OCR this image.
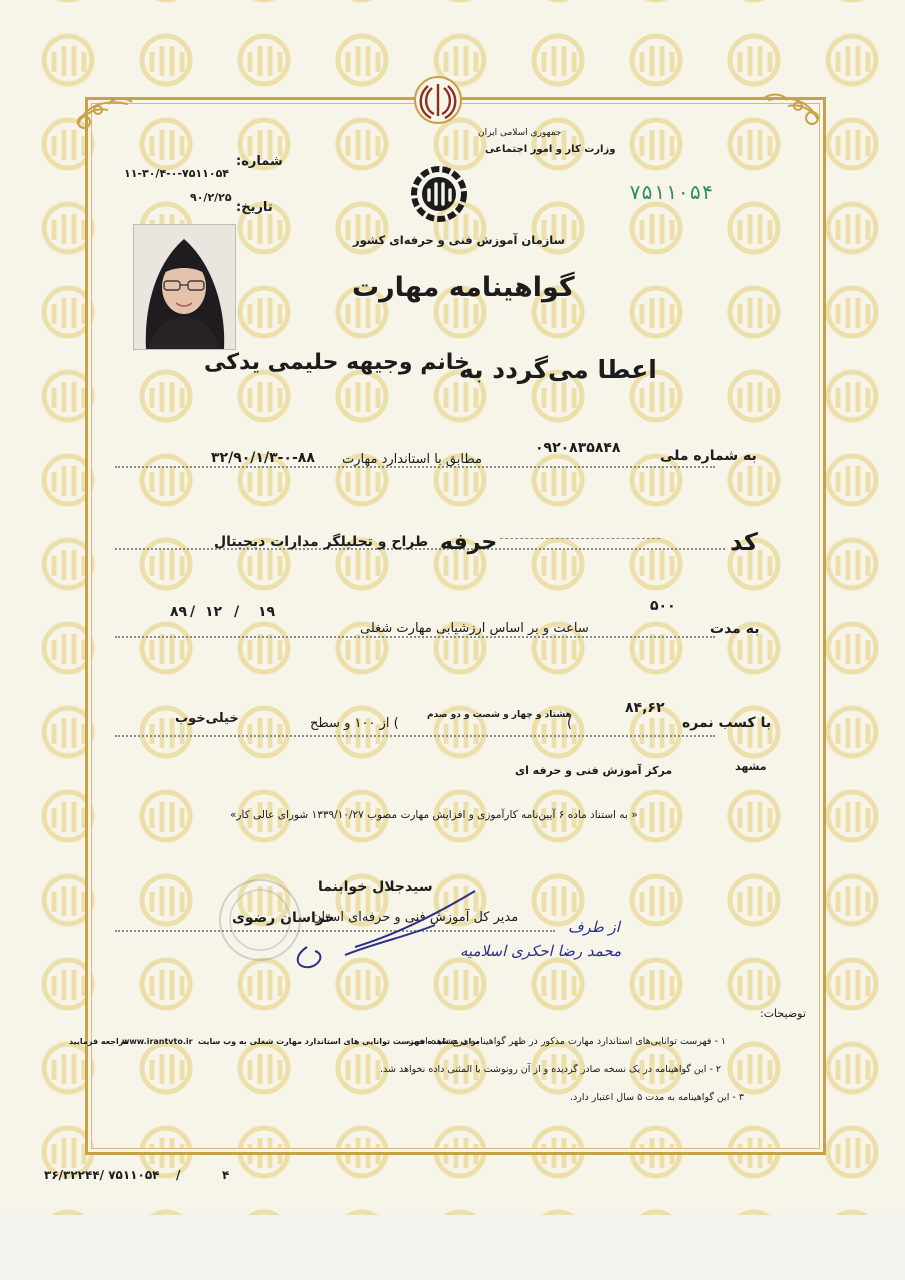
جمهوری اسلامی ایران
وزارت کار و امور اجتماعی
سازمان آموزش فنی و حرفه‌ای کشور
۷۵۱۱۰۵۴
شماره:
۱۱-۳۰/۴-۰-۷۵۱۱۰۵۴
تاریخ:
۹۰/۲/۲۵
گواهینامه مهارت
اعطا می‌گردد به
خانم وجیهه حلیمی یدکی
به شماره ملی
۰۹۲۰۸۳۵۸۴۸
مطابق با استاندارد مهارت
۳۲/۹۰/۱/۳-۰-۸۸
کد
حرفه
طراح و تحلیلگر مدارات دیجیتال
به مدت
۵۰۰
ساعت و بر اساس ارزشیابی مهارت شغلی
۱۹
/
۱۲
/
۸۹
با کسب نمره
۸۴,۶۲
(
هشتاد و چهار و شصت و دو صدم
) از ۱۰۰ و سطح
خیلی‌خوب
مشهد
مرکز آموزش فنی و حرفه ای
« به استناد ماده ۶ آیین‌نامه کارآموزی و افزایش مهارت مصوب ۱۳۳۹/۱۰/۲۷ شورای عالی کار»
سیدجلال خوابنما
مدیر کل آموزش فنی و حرفه‌ای استان
خراسان رضوی	از طرف
محمد رضا احکری اسلامیه
توضیحات:
۱ - فهرست توانایی‌های استاندارد مهارت مذکور در ظهر گواهینامه درج شده است.
برای مشاهده فهرست توانایی های استاندارد مهارت شغلی به وب سایت
www.irantvto.ir
مراجعه فرمایید
۲ - این گواهینامه در یک نسخه صادر گردیده و از آن رونوشت یا المثنی داده نخواهد شد.
۳ - این گواهینامه به مدت ۵ سال اعتبار دارد.
۳۶/۳۲۲۴۴/ ۷۵۱۱۰۵۴ /	۴
